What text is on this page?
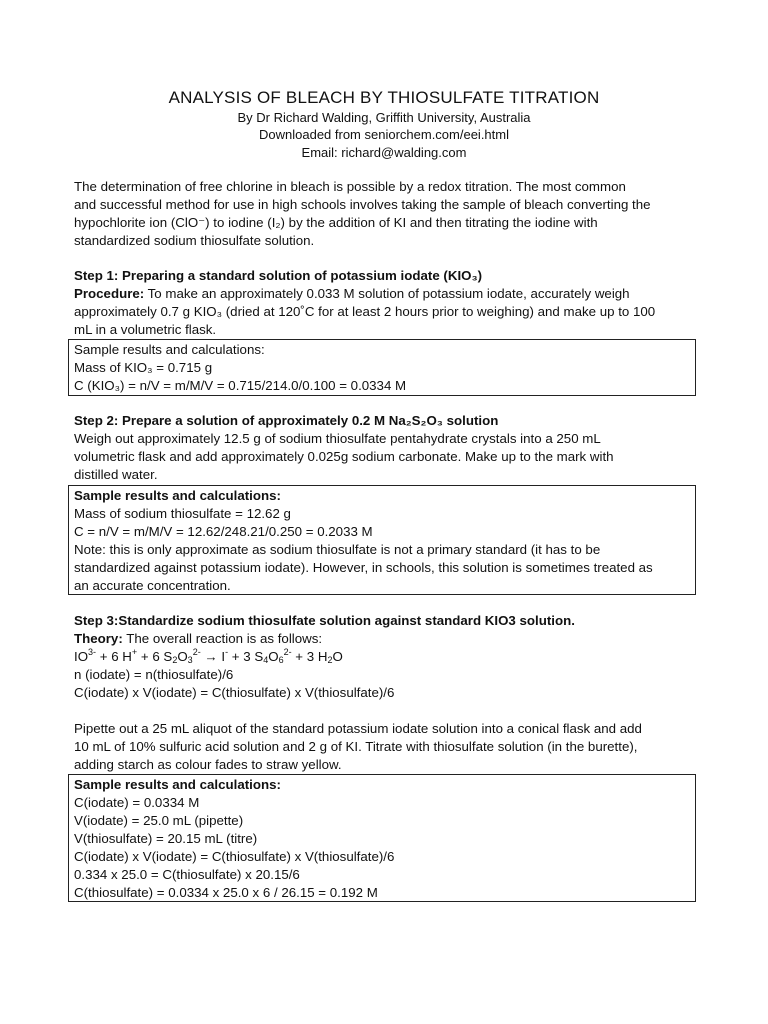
ANALYSIS OF BLEACH BY THIOSULFATE TITRATION
By Dr Richard Walding, Griffith University, Australia
Downloaded from seniorchem.com/eei.html
Email: richard@walding.com
The determination of free chlorine in bleach is possible by a redox titration. The most common
and successful method for use in high schools involves taking the sample of bleach converting the
hypochlorite ion (ClO⁻) to iodine (I₂) by the addition of KI and then titrating the iodine with
standardized sodium thiosulfate solution.
Step 1: Preparing a standard solution of potassium iodate (KIO₃)
Procedure: To make an approximately 0.033 M solution of potassium iodate, accurately weigh
approximately 0.7 g KIO₃ (dried at 120˚C for at least 2 hours prior to weighing) and make up to 100
mL in a volumetric flask.
Sample results and calculations:
Mass of KIO₃ = 0.715 g
C (KIO₃) = n/V = m/M/V = 0.715/214.0/0.100 = 0.0334 M
Step 2: Prepare a solution of approximately 0.2 M Na₂S₂O₃ solution
Weigh out approximately 12.5 g of sodium thiosulfate pentahydrate crystals into a 250 mL
volumetric flask and add approximately 0.025g sodium carbonate. Make up to the mark with
distilled water.
Sample results and calculations:
Mass of sodium thiosulfate = 12.62 g
C = n/V = m/M/V = 12.62/248.21/0.250 = 0.2033 M
Note: this is only approximate as sodium thiosulfate is not a primary standard (it has to be
standardized against potassium iodate). However, in schools, this solution is sometimes treated as
an accurate concentration.
Step 3:Standardize sodium thiosulfate solution against standard KIO3 solution.
Theory: The overall reaction is as follows:
$IO^{3-} + 6$ H+ + 6 $S_2O_3^{2-} \to I^- + 3$ $S_4O_6^{2-} + 3$ $H_2O$
n (iodate) = n(thiosulfate)/6
C(iodate) x V(iodate) = C(thiosulfate) x V(thiosulfate)/6
Pipette out a 25 mL aliquot of the standard potassium iodate solution into a conical flask and add
10 mL of 10% sulfuric acid solution and 2 g of KI. Titrate with thiosulfate solution (in the burette),
adding starch as colour fades to straw yellow.
Sample results and calculations:
C(iodate) = 0.0334 M
V(iodate) = 25.0 mL (pipette)
V(thiosulfate) = 20.15 mL (titre)
C(iodate) x V(iodate) = C(thiosulfate) x V(thiosulfate)/6
0.334 x 25.0 = C(thiosulfate) x 20.15/6
C(thiosulfate) = 0.0334 x 25.0 x 6 / 26.15 = 0.192 M
